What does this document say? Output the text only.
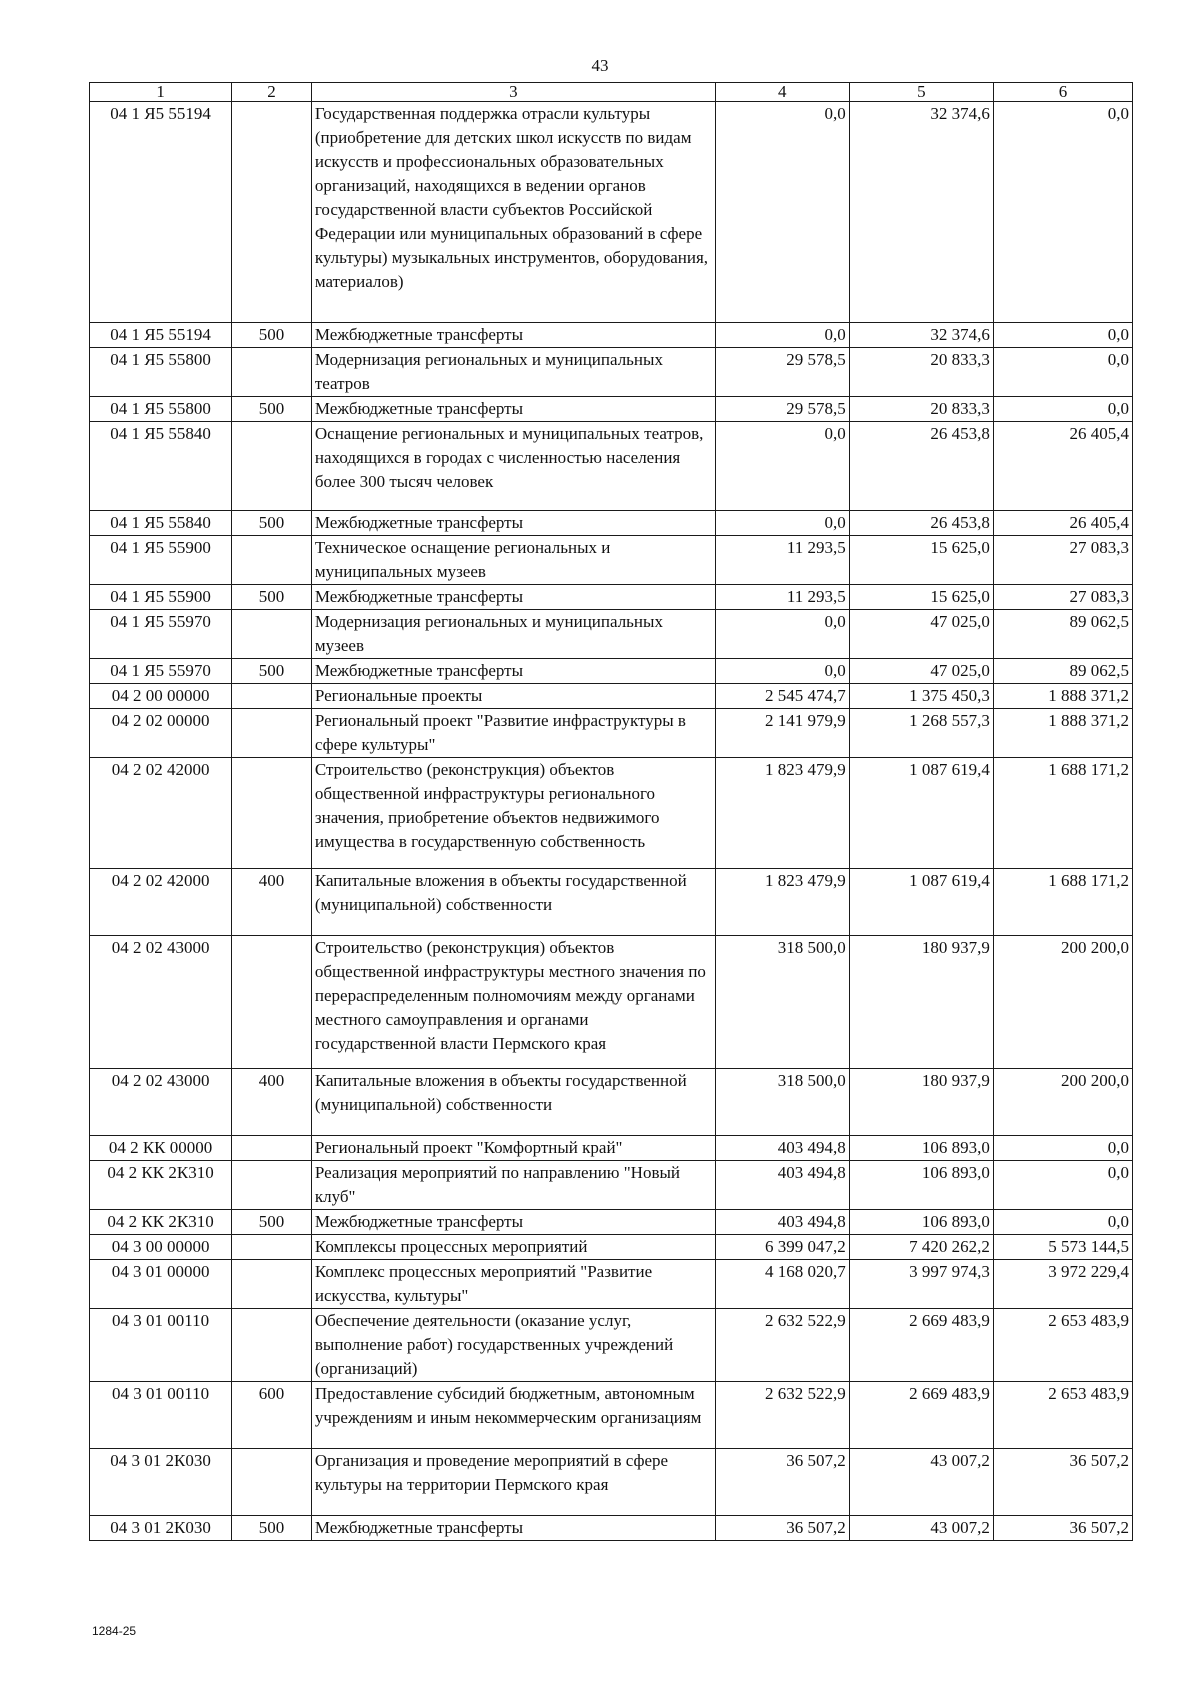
43
1	2	3	4	5	6
04 1 Я5 55194		Государственная поддержка отрасли культуры (приобретение для детских школ искусств по видам искусств и профессиональных образовательных организаций, находящихся в ведении органов государственной власти субъектов Российской Федерации или муниципальных образований в сфере культуры) музыкальных инструментов, оборудования, материалов)	0,0	32 374,6	0,0
04 1 Я5 55194	500	Межбюджетные трансферты	0,0	32 374,6	0,0
04 1 Я5 55800		Модернизация региональных и муниципальных театров	29 578,5	20 833,3	0,0
04 1 Я5 55800	500	Межбюджетные трансферты	29 578,5	20 833,3	0,0
04 1 Я5 55840		Оснащение региональных и муниципальных театров, находящихся в городах с численностью населения более 300 тысяч человек	0,0	26 453,8	26 405,4
04 1 Я5 55840	500	Межбюджетные трансферты	0,0	26 453,8	26 405,4
04 1 Я5 55900		Техническое оснащение региональных и муниципальных музеев	11 293,5	15 625,0	27 083,3
04 1 Я5 55900	500	Межбюджетные трансферты	11 293,5	15 625,0	27 083,3
04 1 Я5 55970		Модернизация региональных и муниципальных музеев	0,0	47 025,0	89 062,5
04 1 Я5 55970	500	Межбюджетные трансферты	0,0	47 025,0	89 062,5
04 2 00 00000		Региональные проекты	2 545 474,7	1 375 450,3	1 888 371,2
04 2 02 00000		Региональный проект "Развитие инфраструктуры в сфере культуры"	2 141 979,9	1 268 557,3	1 888 371,2
04 2 02 42000		Строительство (реконструкция) объектов общественной инфраструктуры регионального значения, приобретение объектов недвижимого имущества в государственную собственность	1 823 479,9	1 087 619,4	1 688 171,2
04 2 02 42000	400	Капитальные вложения в объекты государственной (муниципальной) собственности	1 823 479,9	1 087 619,4	1 688 171,2
04 2 02 43000		Строительство (реконструкция) объектов общественной инфраструктуры местного значения по перераспределенным полномочиям между органами местного самоуправления и органами государственной власти Пермского края	318 500,0	180 937,9	200 200,0
04 2 02 43000	400	Капитальные вложения в объекты государственной (муниципальной) собственности	318 500,0	180 937,9	200 200,0
04 2 КК 00000		Региональный проект "Комфортный край"	403 494,8	106 893,0	0,0
04 2 КК 2К310		Реализация мероприятий по направлению "Новый клуб"	403 494,8	106 893,0	0,0
04 2 КК 2К310	500	Межбюджетные трансферты	403 494,8	106 893,0	0,0
04 3 00 00000		Комплексы процессных мероприятий	6 399 047,2	7 420 262,2	5 573 144,5
04 3 01 00000		Комплекс процессных мероприятий "Развитие искусства, культуры"	4 168 020,7	3 997 974,3	3 972 229,4
04 3 01 00110		Обеспечение деятельности (оказание услуг, выполнение работ) государственных учреждений (организаций)	2 632 522,9	2 669 483,9	2 653 483,9
04 3 01 00110	600	Предоставление субсидий бюджетным, автономным учреждениям и иным некоммерческим организациям	2 632 522,9	2 669 483,9	2 653 483,9
04 3 01 2К030		Организация и проведение мероприятий в сфере культуры на территории Пермского края	36 507,2	43 007,2	36 507,2
04 3 01 2К030	500	Межбюджетные трансферты	36 507,2	43 007,2	36 507,2
1284-25
